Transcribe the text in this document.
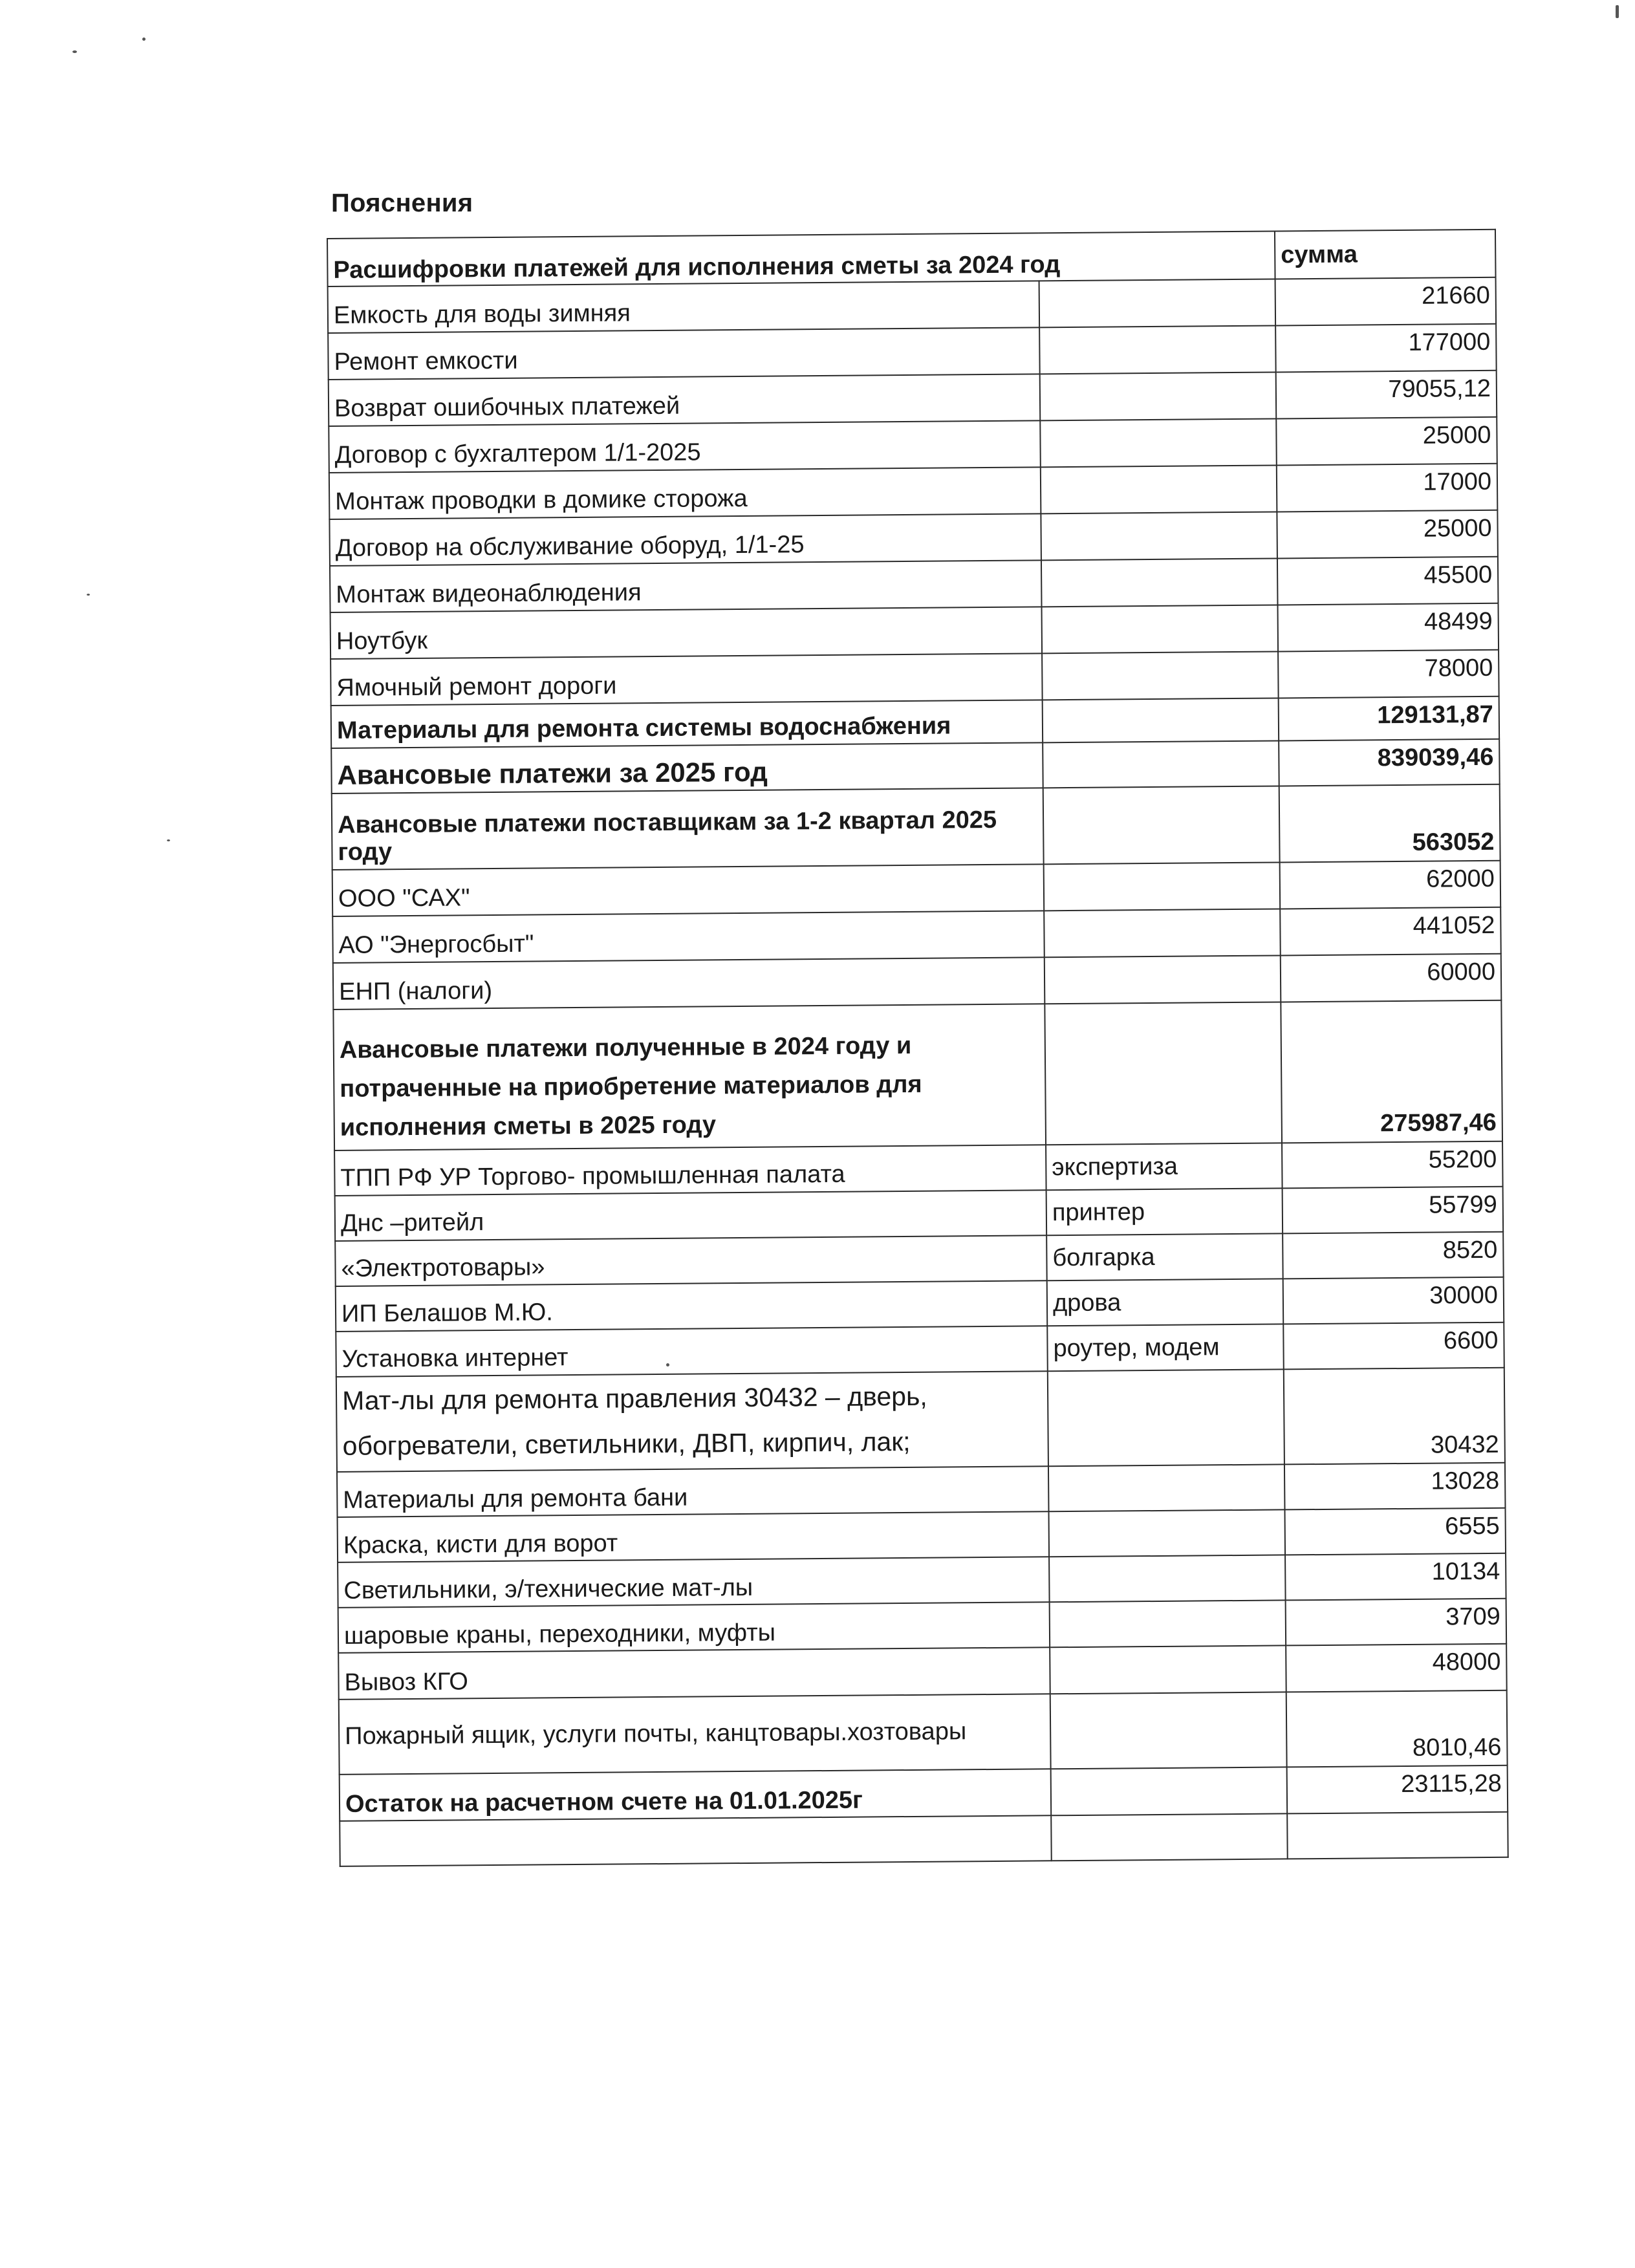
Пояснения
Расшифровки платежей для исполнения сметы за 2024 год		сумма
Емкость для воды зимняя		21660
Ремонт емкости		177000
Возврат ошибочных платежей		79055,12
Договор с бухгалтером 1/1-2025		25000
Монтаж проводки в домике сторожа		17000
Договор на обслуживание оборуд, 1/1-25		25000
Монтаж видеонаблюдения		45500
Ноутбук		48499
Ямочный ремонт дороги		78000
Материалы для ремонта системы водоснабжения		129131,87
Авансовые платежи за 2025 год		839039,46
Авансовые платежи поставщикам за 1-2 квартал 2025 году		563052
ООО "САХ"		62000
АО "Энергосбыт"		441052
ЕНП (налоги)		60000
Авансовые платежи полученные в 2024 году и потраченные на приобретение материалов для исполнения сметы в 2025 году		275987,46
ТПП РФ УР Торгово- промышленная палата	экспертиза	55200
Днс –ритейл	принтер	55799
«Электротовары»	болгарка	8520
ИП Белашов М.Ю.	дрова	30000
Установка интернет	роутер, модем	6600
Мат-лы для ремонта правления 30432 – дверь, обогреватели, светильники, ДВП, кирпич, лак;		30432
Материалы для ремонта бани		13028
Краска, кисти для ворот		6555
Светильники, э/технические мат-лы		10134
шаровые краны, переходники, муфты		3709
Вывоз КГО		48000
Пожарный ящик, услуги почты, канцтовары.хозтовары		8010,46
Остаток на расчетном счете на 01.01.2025г		23115,28
